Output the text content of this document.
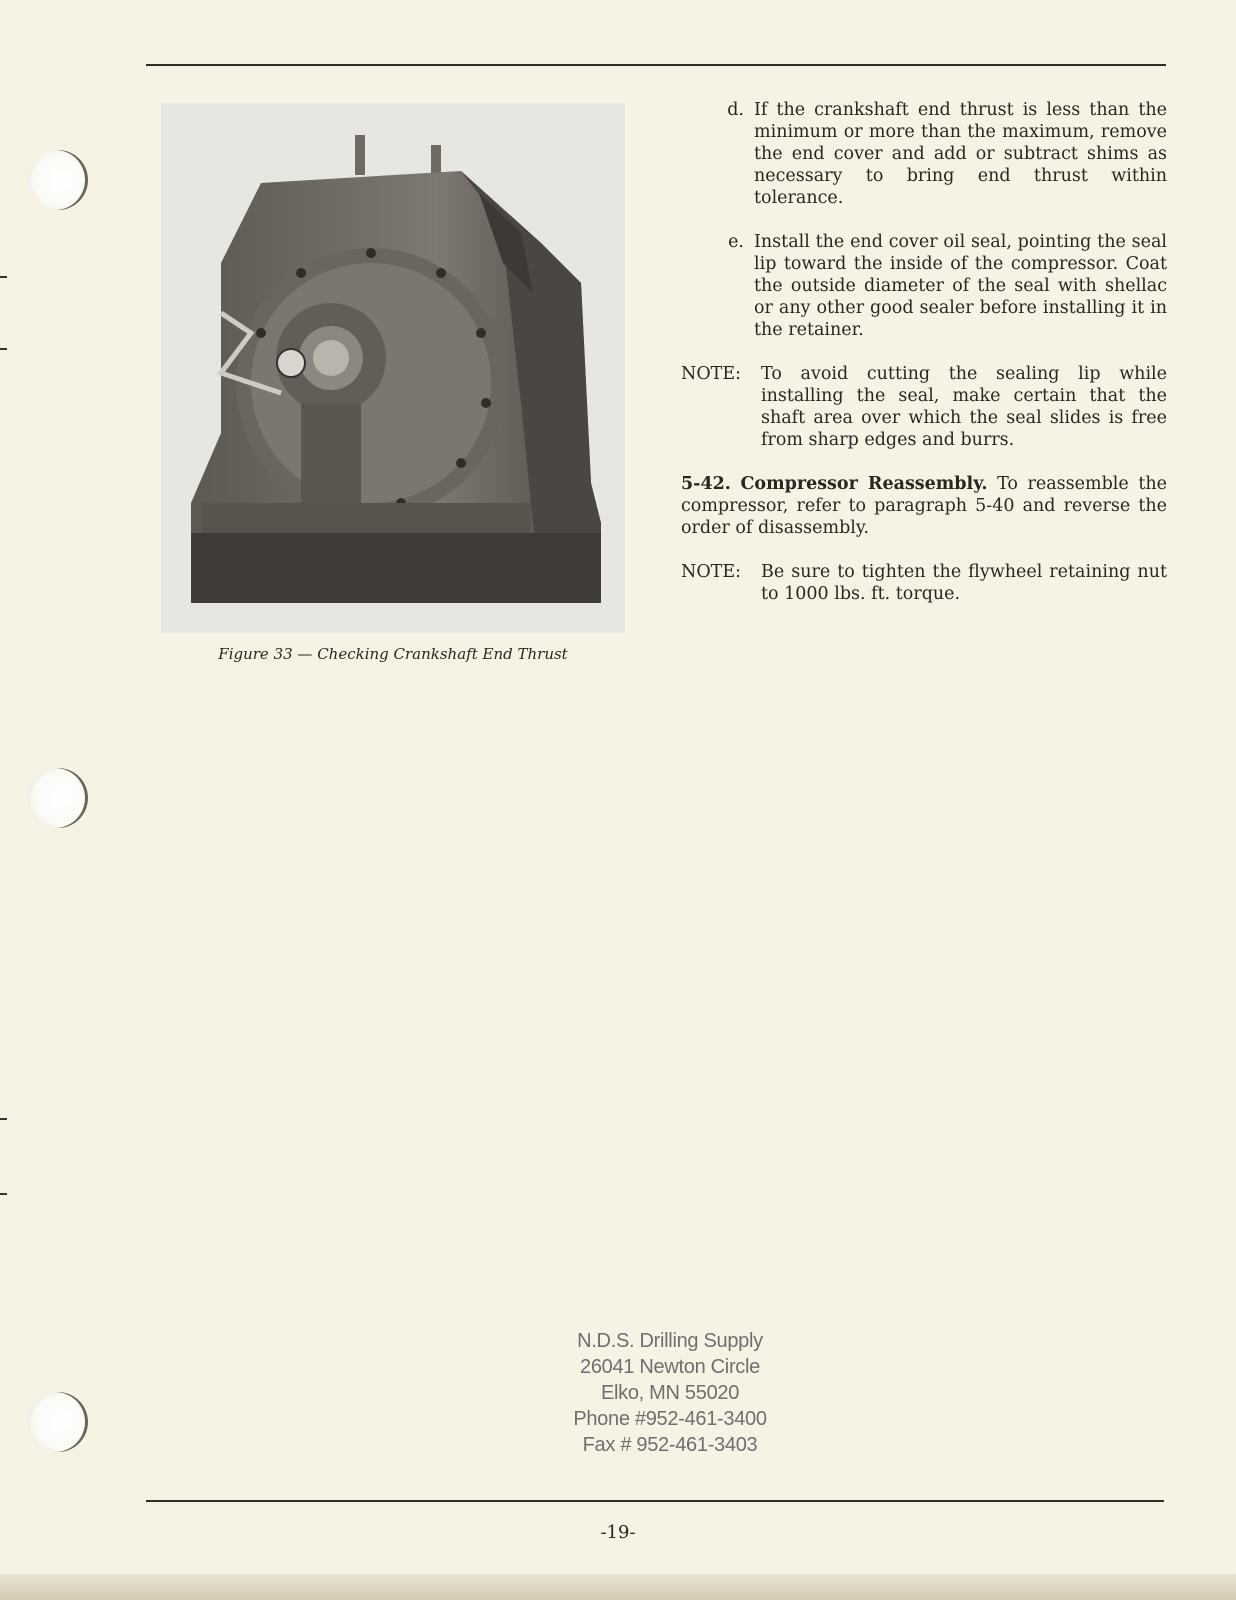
Figure 33 — Checking Crankshaft End Thrust
d. If the crankshaft end thrust is less than the minimum or more than the maximum, remove the end cover and add or subtract shims as necessary to bring end thrust within tolerance.
e. Install the end cover oil seal, pointing the seal lip toward the inside of the compressor. Coat the outside diameter of the seal with shellac or any other good sealer before installing it in the retainer.
NOTE:	To avoid cutting the sealing lip while installing the seal, make certain that the shaft area over which the seal slides is free from sharp edges and burrs.
5-42. Compressor Reassembly. To reassemble the compressor, refer to paragraph 5-40 and reverse the order of disassembly.
NOTE:	Be sure to tighten the flywheel retaining nut to 1000 lbs. ft. torque.
N.D.S. Drilling Supply
26041 Newton Circle
Elko, MN 55020
Phone #952-461-3400
Fax # 952-461-3403
-19-
